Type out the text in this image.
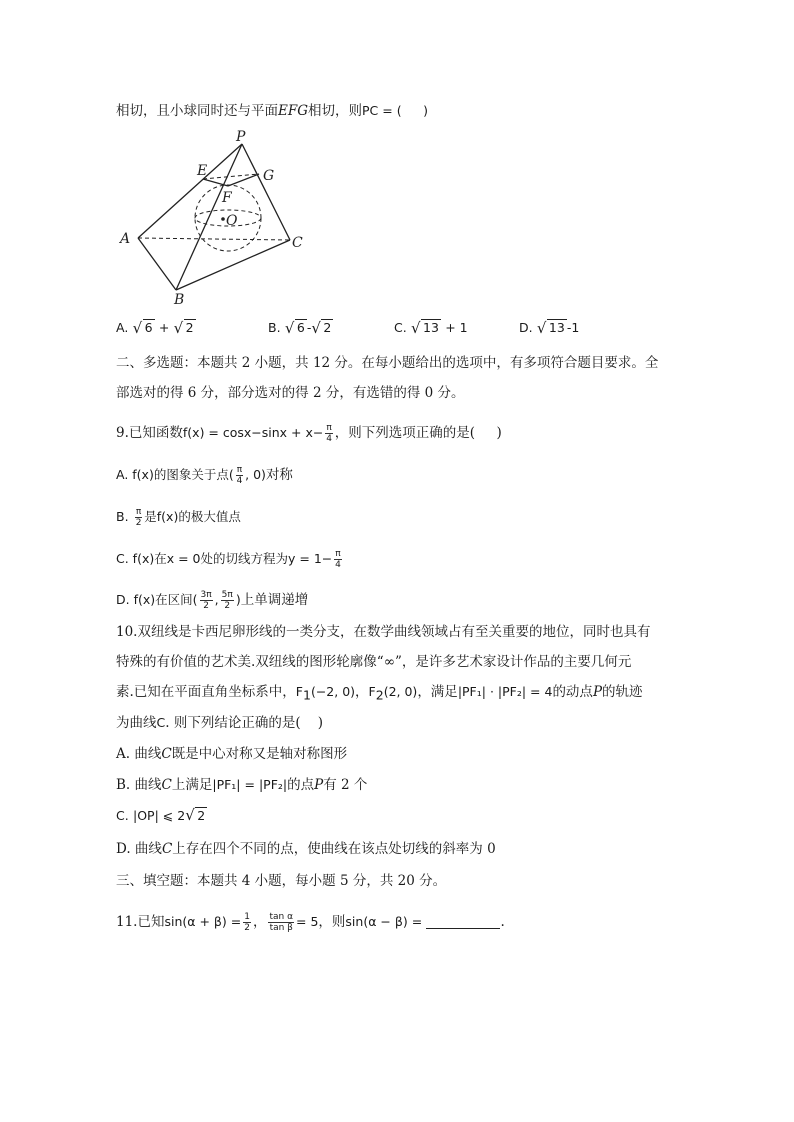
相切，且小球同时还与平面EFG相切，则PC = ( )
P
E	G
F
O
A
B
C
A. √ 6 + √ 2	B. √ 6 - √ 2	C. √ 13 + 1	D. √ 13 -1
二、多选题：本题共 2 小题，共 12 分。在每小题给出的选项中，有多项符合题目要求。全
部选对的得 6 分，部分选对的得 2 分，有选错的得 0 分。
9.已知函数$f(x) = \cos x-\sin x + x- \frac{\pi}{4}$ ，则下列选项正确的是( )
A. f(x)的图象关于点( $\frac{\pi}{4}$ , 0)对称
B. $\frac{\pi}{2}$ 是f(x)的极大值点
C. f(x)在x = 0处的切线方程为$y = 1- \frac{\pi}{4}$
D. f(x)在区间( $\frac{3\pi}{2}$ , $\frac{5\pi}{2}$ )上单调递增
10.双纽线是卡西尼卵形线的一类分支，在数学曲线领域占有至关重要的地位，同时也具有
特殊的有价值的艺术美.双纽线的图形轮廓像“∞”，是许多艺术家设计作品的主要几何元
素.已知在平面直角坐标系中，$F_1(-2$, 0)，$F_2(2$, 0)，满足|PF₁| · |PF₂| = 4的动点P的轨迹
为曲线C. 则下列结论正确的是( )
A. 曲线C既是中心对称又是轴对称图形
B. 曲线C上满足|PF₁| = |PF₂|的点P有 2 个
C. |OP| ⩽ 2 √ 2
D. 曲线C上存在四个不同的点，使曲线在该点处切线的斜率为 0
三、填空题：本题共 4 小题，每小题 5 分，共 20 分。
11.已知$\sin(\alpha + \beta) = \frac{1}{2}$ ， $\frac{\text{tan α}}{\text{tan β}} = 5$，则sin(α − β) =	.
